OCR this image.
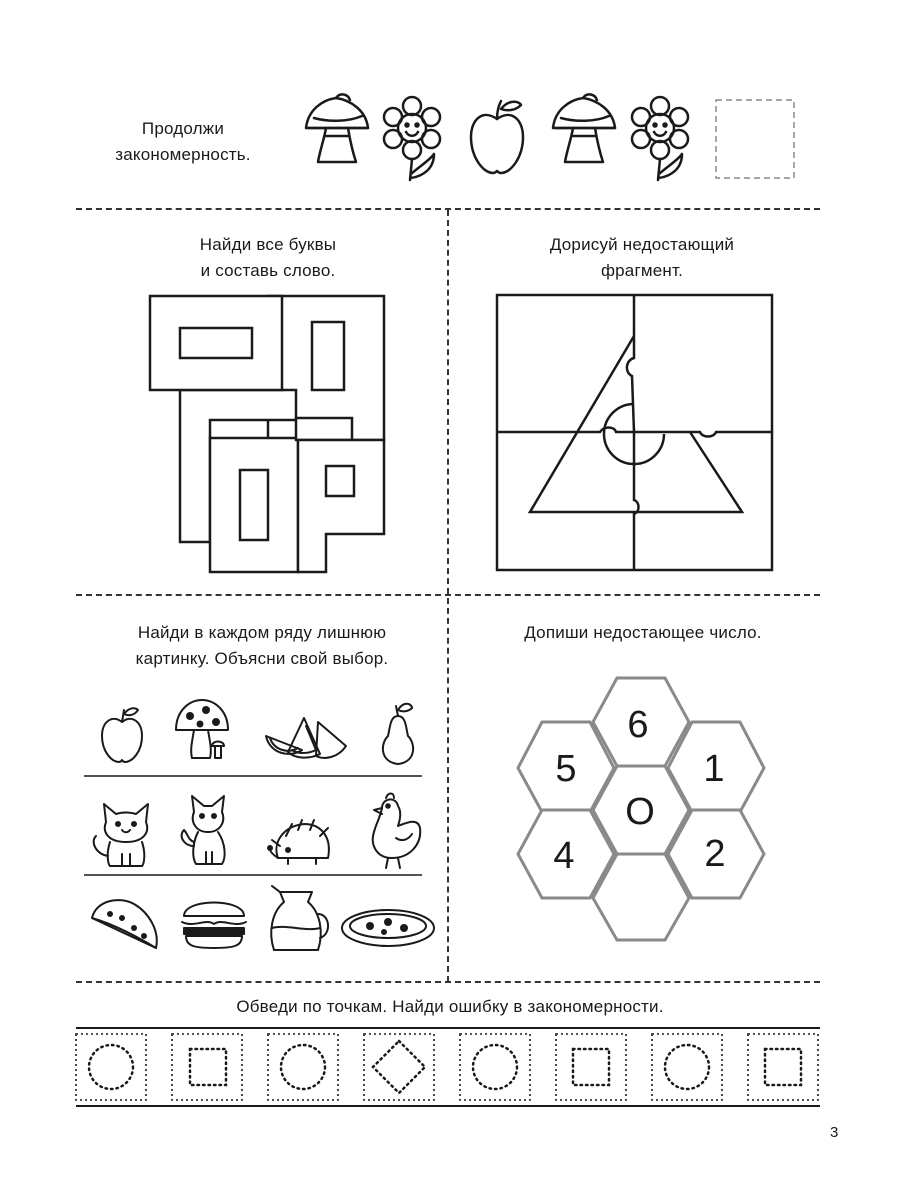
Продолжи
закономерность.
Найди все буквы
и составь слово.
Дорисуй недостающий
фрагмент.
Найди в каждом ряду лишнюю
картинку. Объясни свой выбор.
Допиши недостающее число.
6
5	1
О
4	2
Обведи по точкам. Найди ошибку в закономерности.
3
